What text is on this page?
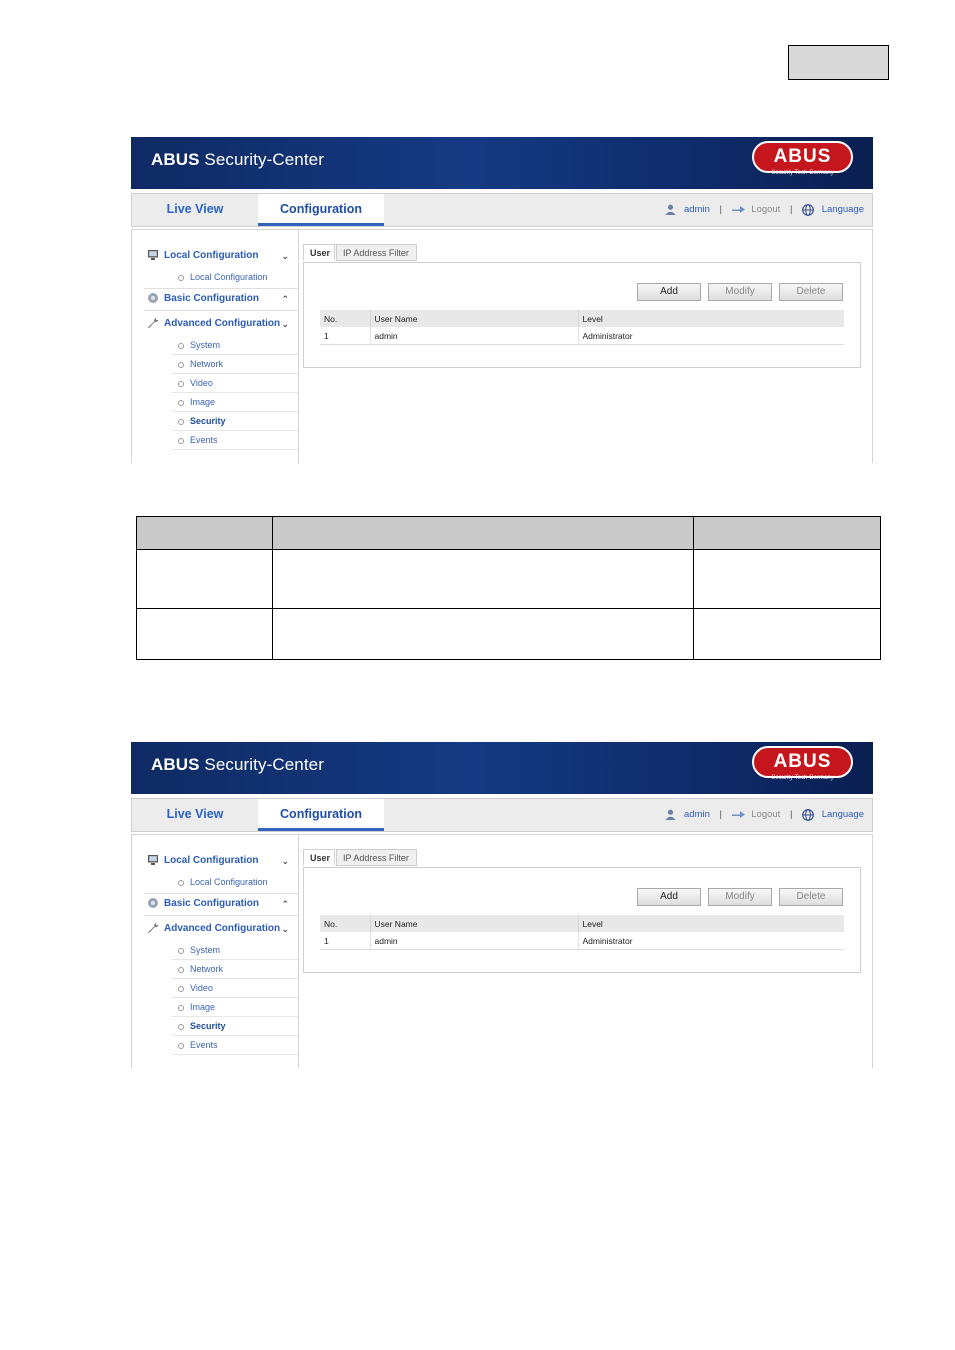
ABUS Security-Center	ABUS
Security Tech Germany
Live View	Configuration	admin |	Logout |	Language
Local Configuration	⌄
Local Configuration
Basic Configuration ⌃
Advanced Configuration ⌄
System
Network
Video
Image
Security
Events
User	IP Address Filter
Add	Modify	Delete
No.	User Name	Level
1	admin	Administrator

ABUS Security-Center	ABUS
Security Tech Germany
Live View	Configuration	admin |	Logout |	Language
Local Configuration	⌄
Local Configuration
Basic Configuration ⌃
Advanced Configuration ⌄
System
Network
Video
Image
Security
Events
User	IP Address Filter
Add	Modify	Delete
No.	User Name	Level
1	admin	Administrator
